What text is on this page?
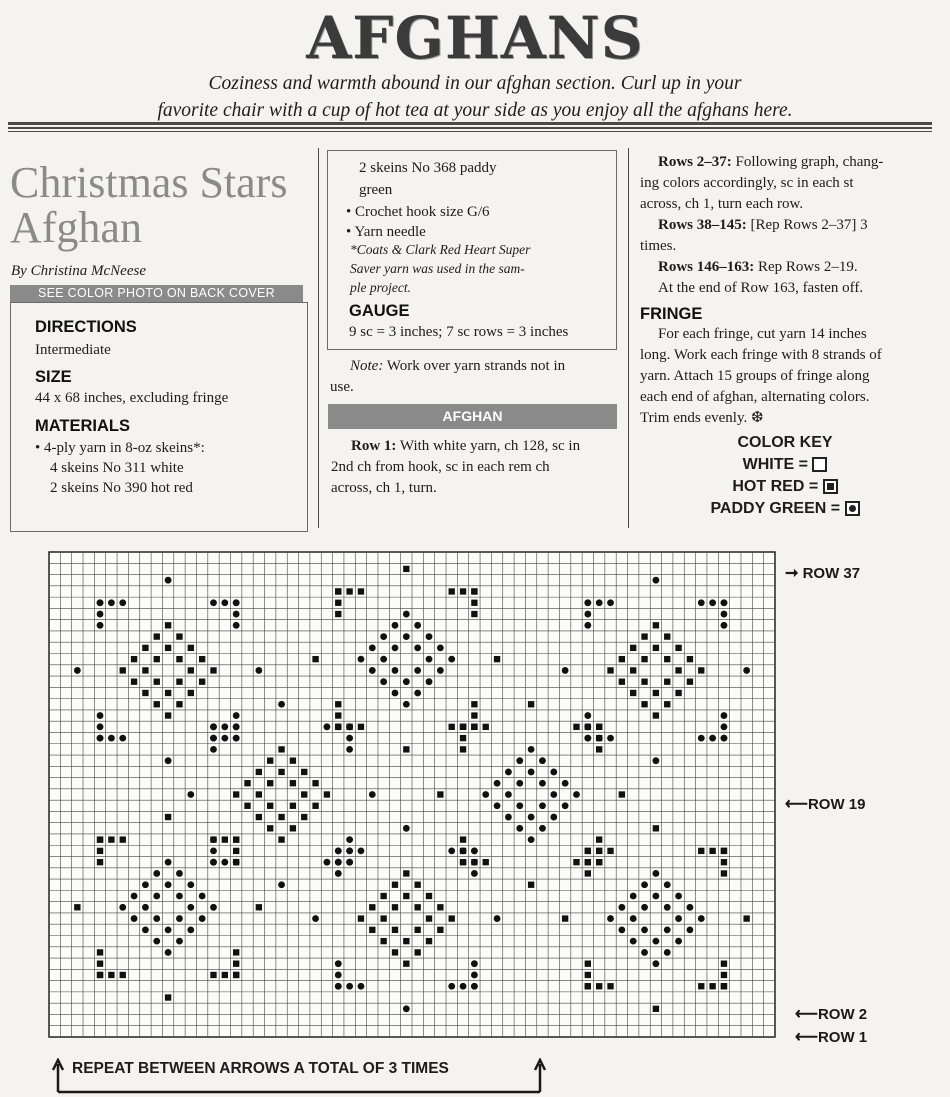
AFGHANS
Coziness and warmth abound in our afghan section. Curl up in your
favorite chair with a cup of hot tea at your side as you enjoy all the afghans here.
Christmas Stars
Afghan
By Christina McNeese
SEE COLOR PHOTO ON BACK COVER
DIRECTIONS
Intermediate
SIZE
44 x 68 inches, excluding fringe
MATERIALS
• 4-ply yarn in 8-oz skeins*:
4 skeins No 311 white
2 skeins No 390 hot red
2 skeins No 368 paddy
green
• Crochet hook size G/6
• Yarn needle
*Coats & Clark Red Heart Super
Saver yarn was used in the sam-
ple project.
GAUGE
9 sc = 3 inches; 7 sc rows = 3 inches
Note: Work over yarn strands not in
use.
AFGHAN
Row 1: With white yarn, ch 128, sc in
2nd ch from hook, sc in each rem ch
across, ch 1, turn.
Rows 2–37: Following graph, chang-
ing colors accordingly, sc in each st
across, ch 1, turn each row.
Rows 38–145: [Rep Rows 2–37] 3
times.
Rows 146–163: Rep Rows 2–19.
At the end of Row 163, fasten off.
FRINGE
For each fringe, cut yarn 14 inches
long. Work each fringe with 8 strands of
yarn. Attach 15 groups of fringe along
each end of afghan, alternating colors.
Trim ends evenly. ❆
COLOR KEY
WHITE =
HOT RED =
PADDY GREEN =
➞ ROW 37
⟵ROW 19
⟵ROW 2
⟵ROW 1
REPEAT BETWEEN ARROWS A TOTAL OF 3 TIMES
